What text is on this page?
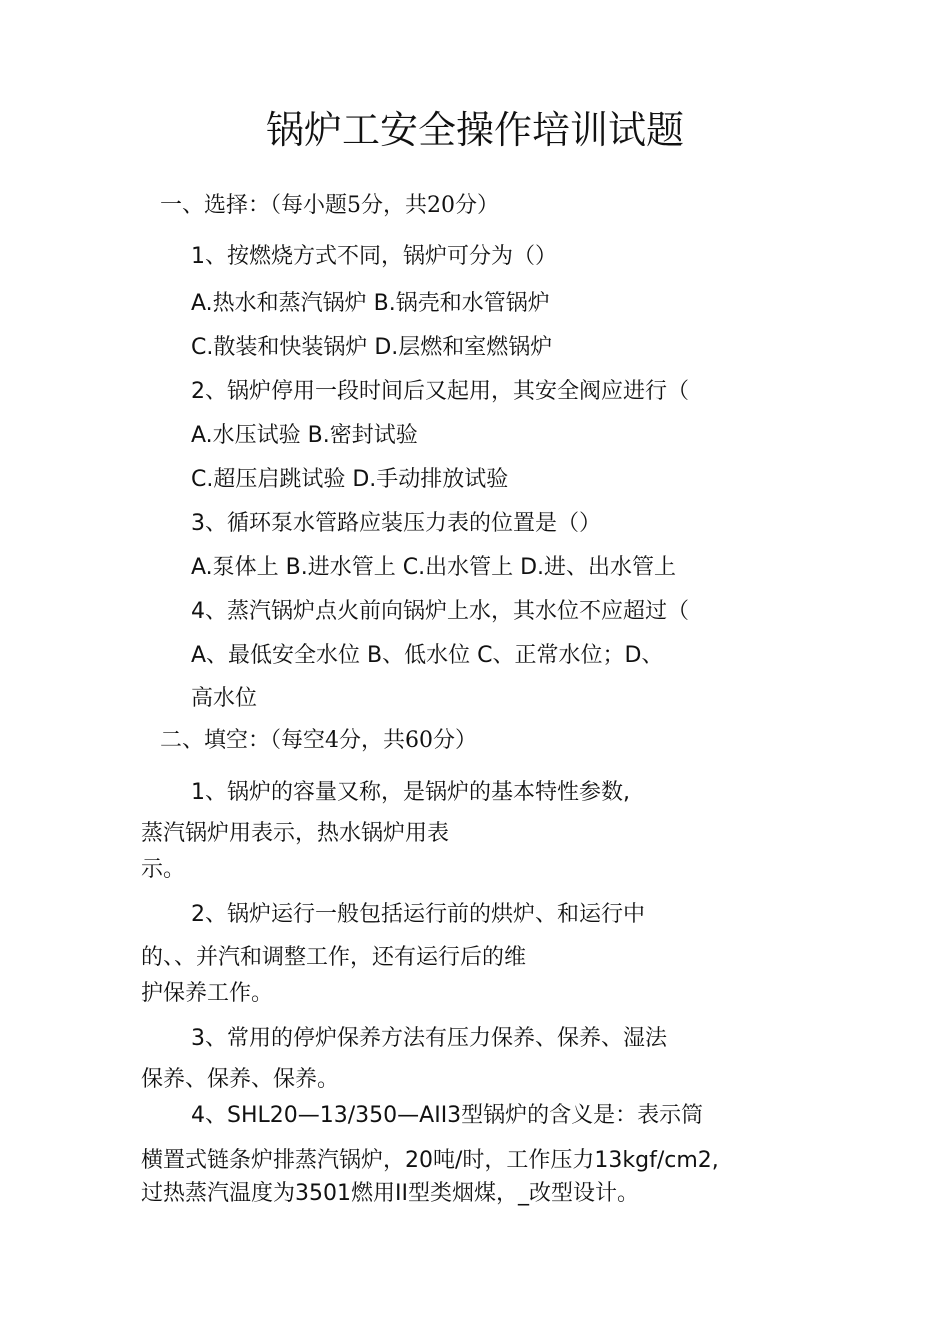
锅炉工安全操作培训试题
一、选择：（每小题5分，共20分）
1、按燃烧方式不同，锅炉可分为（）
A.热水和蒸汽锅炉 B.锅壳和水管锅炉
C.散装和快装锅炉 D.层燃和室燃锅炉
2、锅炉停用一段时间后又起用，其安全阀应进行（
A.水压试验 B.密封试验
C.超压启跳试验 D.手动排放试验
3、循环泵水管路应装压力表的位置是（）
A.泵体上 B.进水管上 C.出水管上 D.进、出水管上
4、蒸汽锅炉点火前向锅炉上水，其水位不应超过（
A、最低安全水位 B、低水位 C、正常水位；D、
高水位
二、填空：（每空4分，共60分）
1、锅炉的容量又称，是锅炉的基本特性参数,
蒸汽锅炉用表示，热水锅炉用表
示。
2、锅炉运行一般包括运行前的烘炉、和运行中
的、、并汽和调整工作，还有运行后的维
护保养工作。
3、常用的停炉保养方法有压力保养、保养、湿法
保养、保养、保养。
4、SHL20—13/350—AII3型锅炉的含义是：表示筒
横置式链条炉排蒸汽锅炉，20吨/时，工作压力13kgf/cm2,
过热蒸汽温度为3501燃用II型类烟煤，_改型设计。
